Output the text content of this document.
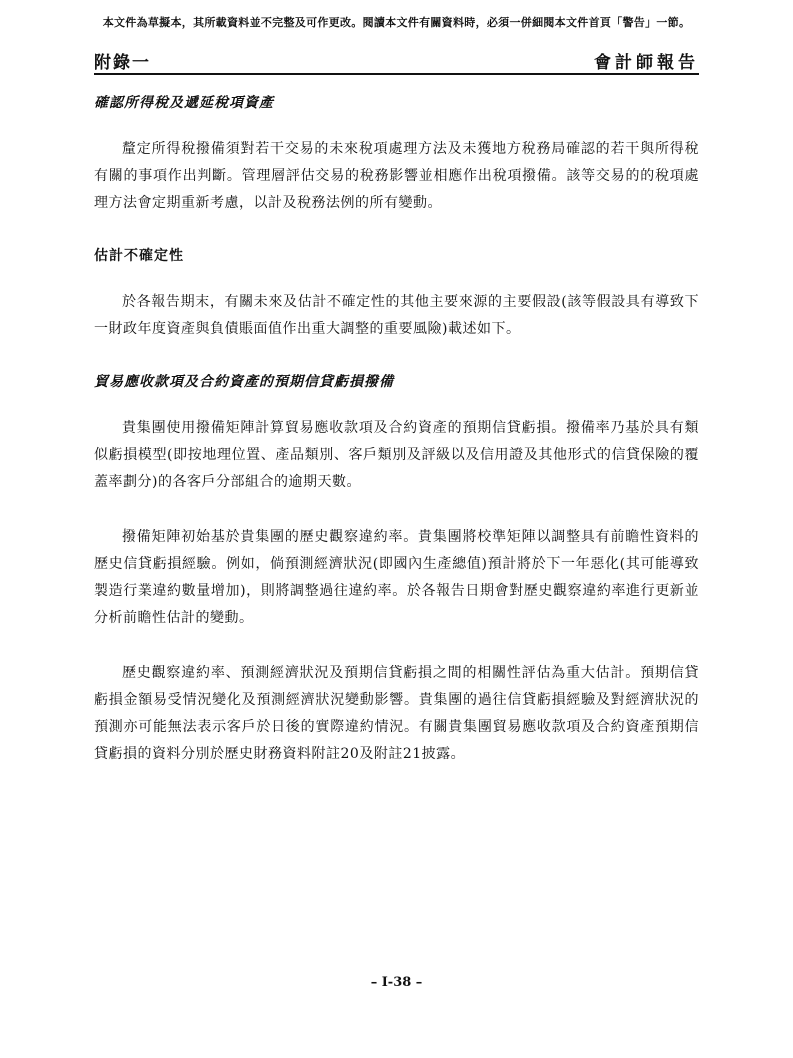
本文件為草擬本，其所載資料並不完整及可作更改。閱讀本文件有關資料時，必須一併細閱本文件首頁「警告」一節。
附錄一	會計師報告
確認所得稅及遞延稅項資產

釐定所得稅撥備須對若干交易的未來稅項處理方法及未獲地方稅務局確認的若干與所得稅有關的事項作出判斷。管理層評估交易的稅務影響並相應作出稅項撥備。該等交易的的稅項處理方法會定期重新考慮，以計及稅務法例的所有變動。

估計不確定性

於各報告期末，有關未來及估計不確定性的其他主要來源的主要假設(該等假設具有導致下一財政年度資產與負債賬面值作出重大調整的重要風險)載述如下。

貿易應收款項及合約資產的預期信貸虧損撥備

貴集團使用撥備矩陣計算貿易應收款項及合約資產的預期信貸虧損。撥備率乃基於具有類似虧損模型(即按地理位置、產品類別、客戶類別及評級以及信用證及其他形式的信貸保險的覆蓋率劃分)的各客戶分部組合的逾期天數。

撥備矩陣初始基於貴集團的歷史觀察違約率。貴集團將校準矩陣以調整具有前瞻性資料的歷史信貸虧損經驗。例如，倘預測經濟狀況(即國內生產總值)預計將於下一年惡化(其可能導致製造行業違約數量增加)，則將調整過往違約率。於各報告日期會對歷史觀察違約率進行更新並分析前瞻性估計的變動。

歷史觀察違約率、預測經濟狀況及預期信貸虧損之間的相關性評估為重大估計。預期信貸虧損金額易受情況變化及預測經濟狀況變動影響。貴集團的過往信貸虧損經驗及對經濟狀況的預測亦可能無法表示客戶於日後的實際違約情況。有關貴集團貿易應收款項及合約資產預期信貸虧損的資料分別於歷史財務資料附註20及附註21披露。

– I-38 –
